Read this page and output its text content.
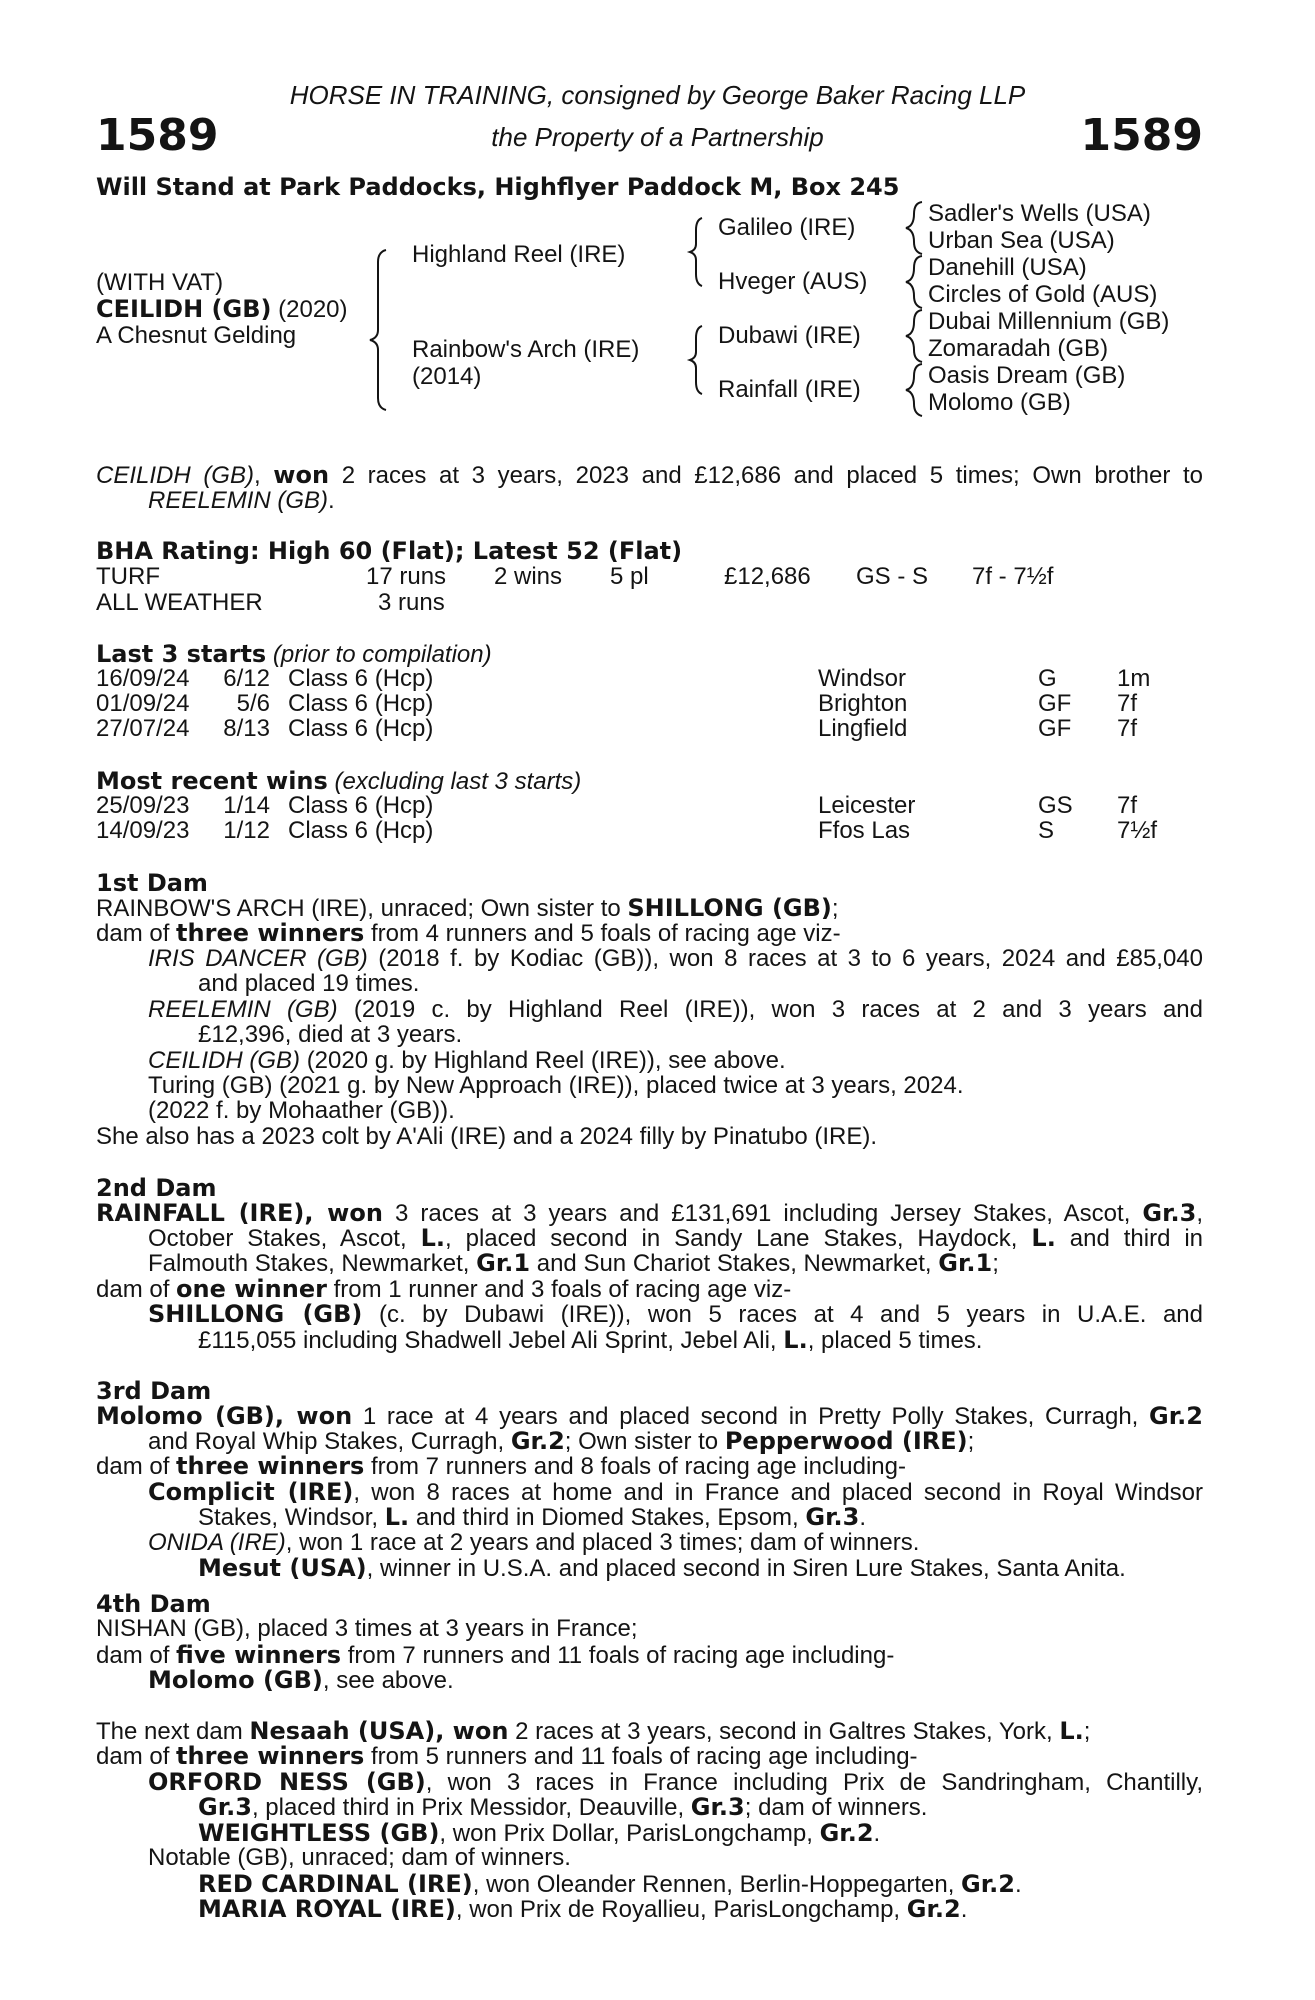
1589	1589
HORSE IN TRAINING, consigned by George Baker Racing LLP
the Property of a Partnership
Will Stand at Park Paddocks, Highflyer Paddock M, Box 245
(WITH VAT)
CEILIDH (GB) (2020)
A Chesnut Gelding
Highland Reel (IRE)
Rainbow's Arch (IRE)
(2014)
Galileo (IRE)
Hveger (AUS)
Dubawi (IRE)
Rainfall (IRE)
Sadler's Wells (USA)
Urban Sea (USA)
Danehill (USA)
Circles of Gold (AUS)
Dubai Millennium (GB)
Zomaradah (GB)
Oasis Dream (GB)
Molomo (GB)
CEILIDH (GB), won 2 races at 3 years, 2023 and £12,686 and placed 5 times; Own brother to
REELEMIN (GB).
BHA Rating: High 60 (Flat); Latest 52 (Flat)
TURF	17 runs 2 wins 5 pl	£12,686 GS - S 7f - 7½f
ALL WEATHER	3 runs
Last 3 starts (prior to compilation)
16/09/24	6/12 Class 6 (Hcp)	Windsor	G	1m
01/09/24	5/6 Class 6 (Hcp)	Brighton	GF 7f
27/07/24	8/13 Class 6 (Hcp)	Lingfield	GF 7f
Most recent wins (excluding last 3 starts)
25/09/23	1/14 Class 6 (Hcp)	Leicester	GS 7f
14/09/23	1/12 Class 6 (Hcp)	Ffos Las	S	7½f
1st Dam
RAINBOW'S ARCH (IRE), unraced; Own sister to SHILLONG (GB);
dam of three winners from 4 runners and 5 foals of racing age viz-
IRIS DANCER (GB) (2018 f. by Kodiac (GB)), won 8 races at 3 to 6 years, 2024 and £85,040
and placed 19 times.
REELEMIN (GB) (2019 c. by Highland Reel (IRE)), won 3 races at 2 and 3 years and
£12,396, died at 3 years.
CEILIDH (GB) (2020 g. by Highland Reel (IRE)), see above.
Turing (GB) (2021 g. by New Approach (IRE)), placed twice at 3 years, 2024.
(2022 f. by Mohaather (GB)).
She also has a 2023 colt by A'Ali (IRE) and a 2024 filly by Pinatubo (IRE).
2nd Dam
RAINFALL (IRE), won 3 races at 3 years and £131,691 including Jersey Stakes, Ascot, Gr.3,
October Stakes, Ascot, L., placed second in Sandy Lane Stakes, Haydock, L. and third in
Falmouth Stakes, Newmarket, Gr.1 and Sun Chariot Stakes, Newmarket, Gr.1;
dam of one winner from 1 runner and 3 foals of racing age viz-
SHILLONG (GB) (c. by Dubawi (IRE)), won 5 races at 4 and 5 years in U.A.E. and
£115,055 including Shadwell Jebel Ali Sprint, Jebel Ali, L., placed 5 times.
3rd Dam
Molomo (GB), won 1 race at 4 years and placed second in Pretty Polly Stakes, Curragh, Gr.2
and Royal Whip Stakes, Curragh, Gr.2; Own sister to Pepperwood (IRE);
dam of three winners from 7 runners and 8 foals of racing age including-
Complicit (IRE), won 8 races at home and in France and placed second in Royal Windsor
Stakes, Windsor, L. and third in Diomed Stakes, Epsom, Gr.3.
ONIDA (IRE), won 1 race at 2 years and placed 3 times; dam of winners.
Mesut (USA), winner in U.S.A. and placed second in Siren Lure Stakes, Santa Anita.
4th Dam
NISHAN (GB), placed 3 times at 3 years in France;
dam of five winners from 7 runners and 11 foals of racing age including-
Molomo (GB), see above.
The next dam Nesaah (USA), won 2 races at 3 years, second in Galtres Stakes, York, L.;
dam of three winners from 5 runners and 11 foals of racing age including-
ORFORD NESS (GB), won 3 races in France including Prix de Sandringham, Chantilly,
Gr.3, placed third in Prix Messidor, Deauville, Gr.3; dam of winners.
WEIGHTLESS (GB), won Prix Dollar, ParisLongchamp, Gr.2.
Notable (GB), unraced; dam of winners.
RED CARDINAL (IRE), won Oleander Rennen, Berlin-Hoppegarten, Gr.2.
MARIA ROYAL (IRE), won Prix de Royallieu, ParisLongchamp, Gr.2.
